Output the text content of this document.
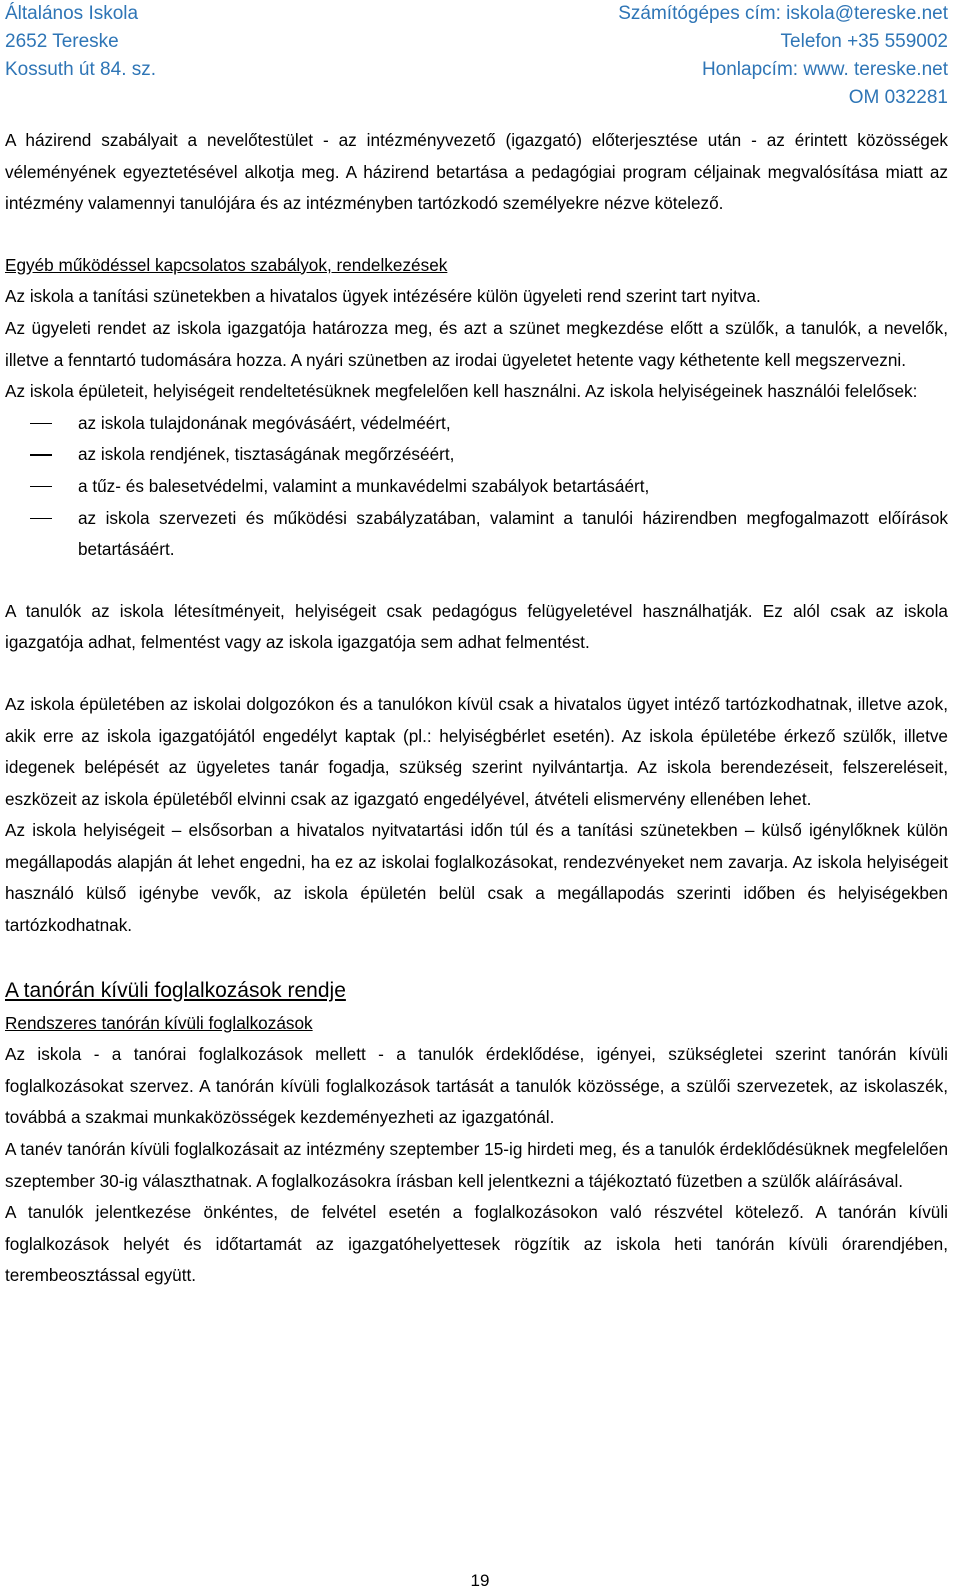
Általános Iskola
2652 Tereske
Kossuth út 84. sz.
Számítógépes cím: iskola@tereske.net
Telefon +35 559002
Honlapcím: www. tereske.net
OM 032281

A házirend szabályait a nevelőtestület - az intézményvezető (igazgató) előterjesztése után - az érintett közösségek véleményének egyeztetésével alkotja meg. A házirend betartása a pedagógiai program céljainak megvalósítása miatt az intézmény valamennyi tanulójára és az intézményben tartózkodó személyekre nézve kötelező.

Egyéb működéssel kapcsolatos szabályok, rendelkezések

Az iskola a tanítási szünetekben a hivatalos ügyek intézésére külön ügyeleti rend szerint tart nyitva.

Az ügyeleti rendet az iskola igazgatója határozza meg, és azt a szünet megkezdése előtt a szülők, a tanulók, a nevelők, illetve a fenntartó tudomására hozza. A nyári szünetben az irodai ügyeletet hetente vagy kéthetente kell megszervezni.

Az iskola épületeit, helyiségeit rendeltetésüknek megfelelően kell használni. Az iskola helyiségeinek használói felelősek:

az iskola tulajdonának megóvásáért, védelméért,
az iskola rendjének, tisztaságának megőrzéséért,
a tűz- és balesetvédelmi, valamint a munkavédelmi szabályok betartásáért,
az iskola szervezeti és működési szabályzatában, valamint a tanulói házirendben megfogalmazott előírások betartásáért.

A tanulók az iskola létesítményeit, helyiségeit csak pedagógus felügyeletével használhatják. Ez alól csak az iskola igazgatója adhat, felmentést vagy az iskola igazgatója sem adhat felmentést.

Az iskola épületében az iskolai dolgozókon és a tanulókon kívül csak a hivatalos ügyet intéző tartózkodhatnak, illetve azok, akik erre az iskola igazgatójától engedélyt kaptak (pl.: helyiségbérlet esetén). Az iskola épületébe érkező szülők, illetve idegenek belépését az ügyeletes tanár fogadja, szükség szerint nyilvántartja. Az iskola berendezéseit, felszereléseit, eszközeit az iskola épületéből elvinni csak az igazgató engedélyével, átvételi elismervény ellenében lehet.

Az iskola helyiségeit – elsősorban a hivatalos nyitvatartási időn túl és a tanítási szünetekben – külső igénylőknek külön megállapodás alapján át lehet engedni, ha ez az iskolai foglalkozásokat, rendezvényeket nem zavarja. Az iskola helyiségeit használó külső igénybe vevők, az iskola épületén belül csak a megállapodás szerinti időben és helyiségekben tartózkodhatnak.

A tanórán kívüli foglalkozások rendje
Rendszeres tanórán kívüli foglalkozások

Az iskola - a tanórai foglalkozások mellett - a tanulók érdeklődése, igényei, szükségletei szerint tanórán kívüli foglalkozásokat szervez. A tanórán kívüli foglalkozások tartását a tanulók közössége, a szülői szervezetek, az iskolaszék, továbbá a szakmai munkaközösségek kezdeményezheti az igazgatónál.

A tanév tanórán kívüli foglalkozásait az intézmény szeptember 15-ig hirdeti meg, és a tanulók érdeklődésüknek megfelelően szeptember 30-ig választhatnak. A foglalkozásokra írásban kell jelentkezni a tájékoztató füzetben a szülők aláírásával.

A tanulók jelentkezése önkéntes, de felvétel esetén a foglalkozásokon való részvétel kötelező. A tanórán kívüli foglalkozások helyét és időtartamát az igazgatóhelyettesek rögzítik az iskola heti tanórán kívüli órarendjében, terembeosztással együtt.

19
